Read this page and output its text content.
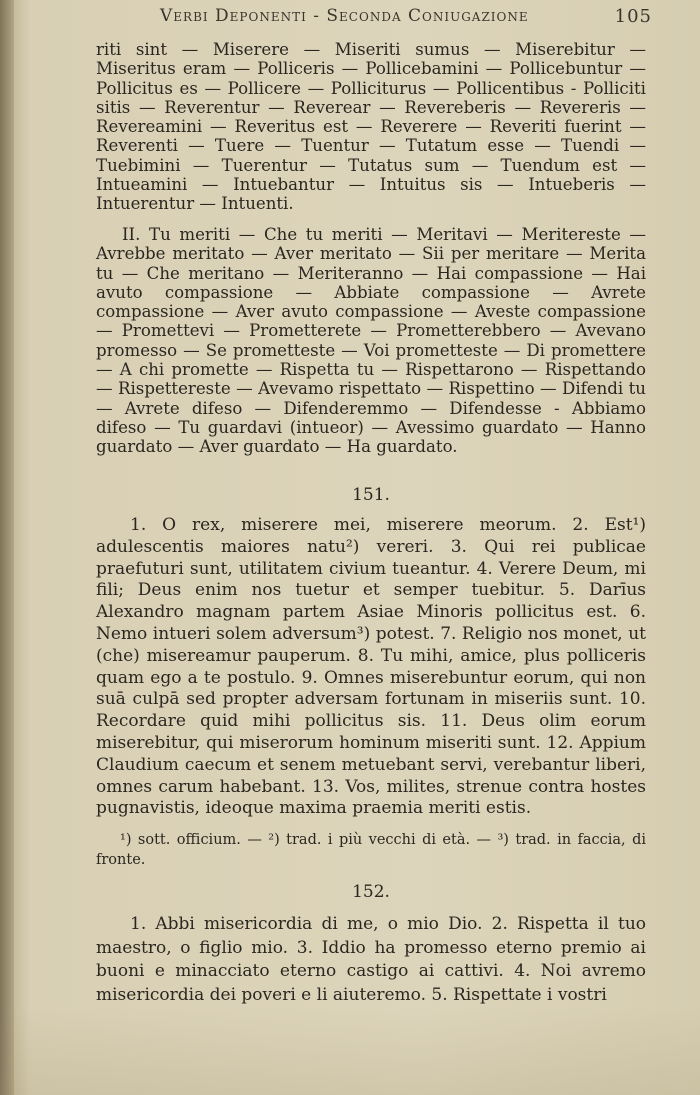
Verbi Deponenti - Seconda Coniugazione	105
riti sint — Miserere — Miseriti sumus — Miserebitur — Miseritus eram — Polliceris — Pollicebamini — Pollicebuntur — Pollicitus es — Pollicere — Polliciturus — Pollicentibus - Polliciti sitis — Reverentur — Reverear — Revereberis — Revereris — Revereamini — Reveritus est — Reverere — Reveriti fuerint — Reverenti — Tuere — Tuentur — Tutatum esse — Tuendi — Tuebimini — Tuerentur — Tutatus sum — Tuendum est — Intueamini — Intuebantur — Intuitus sis — Intueberis — Intuerentur — Intuenti.
II. Tu meriti — Che tu meriti — Meritavi — Meritereste — Avrebbe meritato — Aver meritato — Sii per meritare — Merita tu — Che meritano — Meriteranno — Hai compassione — Hai avuto compassione — Abbiate compassione — Avrete compassione — Aver avuto compassione — Aveste compassione — Promettevi — Prometterete — Prometterebbero — Avevano promesso — Se prometteste — Voi prometteste — Di promettere — A chi promette — Rispetta tu — Rispettarono — Rispettando — Rispettereste — Avevamo rispettato — Rispettino — Difendi tu — Avrete difeso — Difenderemmo — Difendesse - Abbiamo difeso — Tu guardavi (intueor) — Avessimo guardato — Hanno guardato — Aver guardato — Ha guardato.
151.
1. O rex, miserere mei, miserere meorum. 2. Est¹) adulescentis maiores natu²) vereri. 3. Qui rei publicae praefuturi sunt, utilitatem civium tueantur. 4. Verere Deum, mi fili; Deus enim nos tuetur et semper tuebitur. 5. Darīus Alexandro magnam partem Asiae Minoris pollicitus est. 6. Nemo intueri solem adversum³) potest. 7. Religio nos monet, ut (che) misereamur pauperum. 8. Tu mihi, amice, plus polliceris quam ego a te postulo. 9. Omnes miserebuntur eorum, qui non suā culpā sed propter adversam fortunam in miseriis sunt. 10. Recordare quid mihi pollicitus sis. 11. Deus olim eorum miserebitur, qui miserorum hominum miseriti sunt. 12. Appium Claudium caecum et senem metuebant servi, verebantur liberi, omnes carum habebant. 13. Vos, milites, strenue contra hostes pugnavistis, ideoque maxima praemia meriti estis.
¹) sott. officium. — ²) trad. i più vecchi di età. — ³) trad. in faccia, di fronte.
152.
1. Abbi misericordia di me, o mio Dio. 2. Rispetta il tuo maestro, o figlio mio. 3. Iddio ha promesso eterno premio ai buoni e minacciato eterno castigo ai cattivi. 4. Noi avremo misericordia dei poveri e li aiuteremo. 5. Rispettate i vostri
